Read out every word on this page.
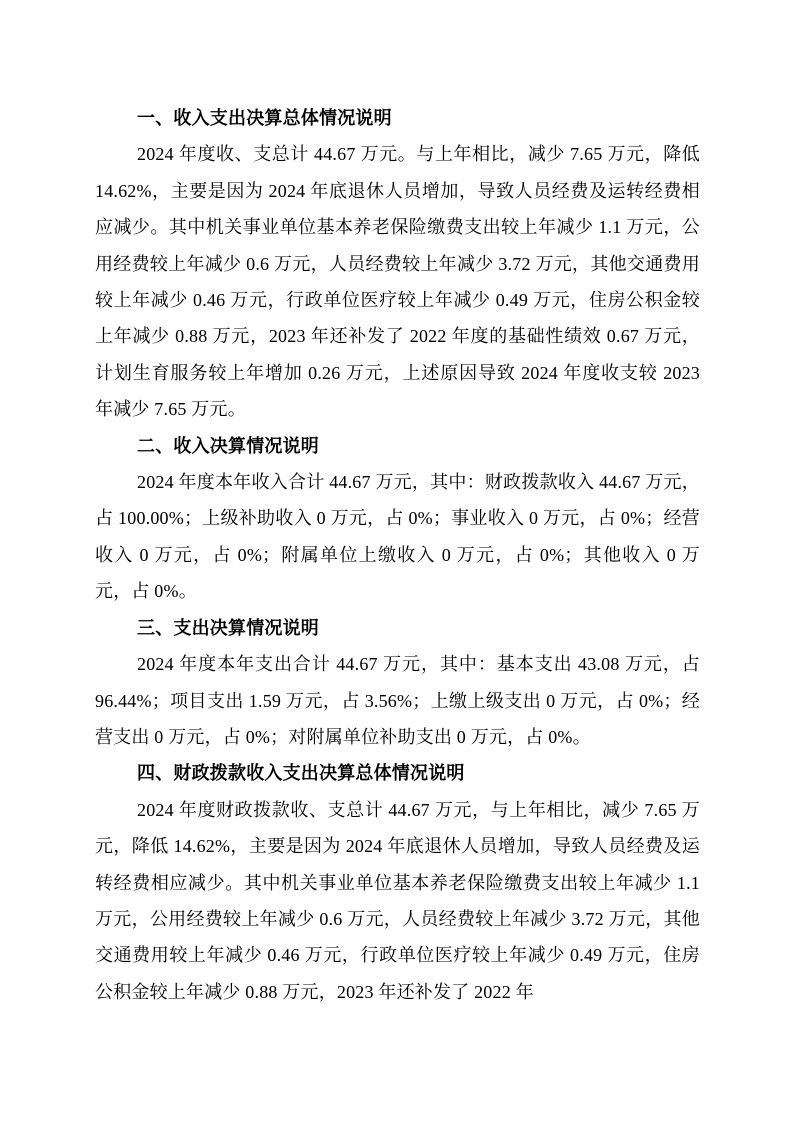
一、收入支出决算总体情况说明

2024 年度收、支总计 44.67 万元。与上年相比，减少 7.65 万元，降低 14.62%，主要是因为 2024 年底退休人员增加，导致人员经费及运转经费相应减少。其中机关事业单位基本养老保险缴费支出较上年减少 1.1 万元，公用经费较上年减少 0.6 万元，人员经费较上年减少 3.72 万元，其他交通费用较上年减少 0.46 万元，行政单位医疗较上年减少 0.49 万元，住房公积金较上年减少 0.88 万元，2023 年还补发了 2022 年度的基础性绩效 0.67 万元，计划生育服务较上年增加 0.26 万元，上述原因导致 2024 年度收支较 2023 年减少 7.65 万元。

二、收入决算情况说明

2024 年度本年收入合计 44.67 万元，其中：财政拨款收入 44.67 万元，占 100.00%；上级补助收入 0 万元，占 0%；事业收入 0 万元，占 0%；经营收入 0 万元，占 0%；附属单位上缴收入 0 万元，占 0%；其他收入 0 万元，占 0%。

三、支出决算情况说明

2024 年度本年支出合计 44.67 万元，其中：基本支出 43.08 万元，占 96.44%；项目支出 1.59 万元，占 3.56%；上缴上级支出 0 万元，占 0%；经营支出 0 万元，占 0%；对附属单位补助支出 0 万元，占 0%。

四、财政拨款收入支出决算总体情况说明

2024 年度财政拨款收、支总计 44.67 万元，与上年相比，减少 7.65 万元，降低 14.62%，主要是因为 2024 年底退休人员增加，导致人员经费及运转经费相应减少。其中机关事业单位基本养老保险缴费支出较上年减少 1.1 万元，公用经费较上年减少 0.6 万元，人员经费较上年减少 3.72 万元，其他交通费用较上年减少 0.46 万元，行政单位医疗较上年减少 0.49 万元，住房公积金较上年减少 0.88 万元，2023 年还补发了 2022 年
